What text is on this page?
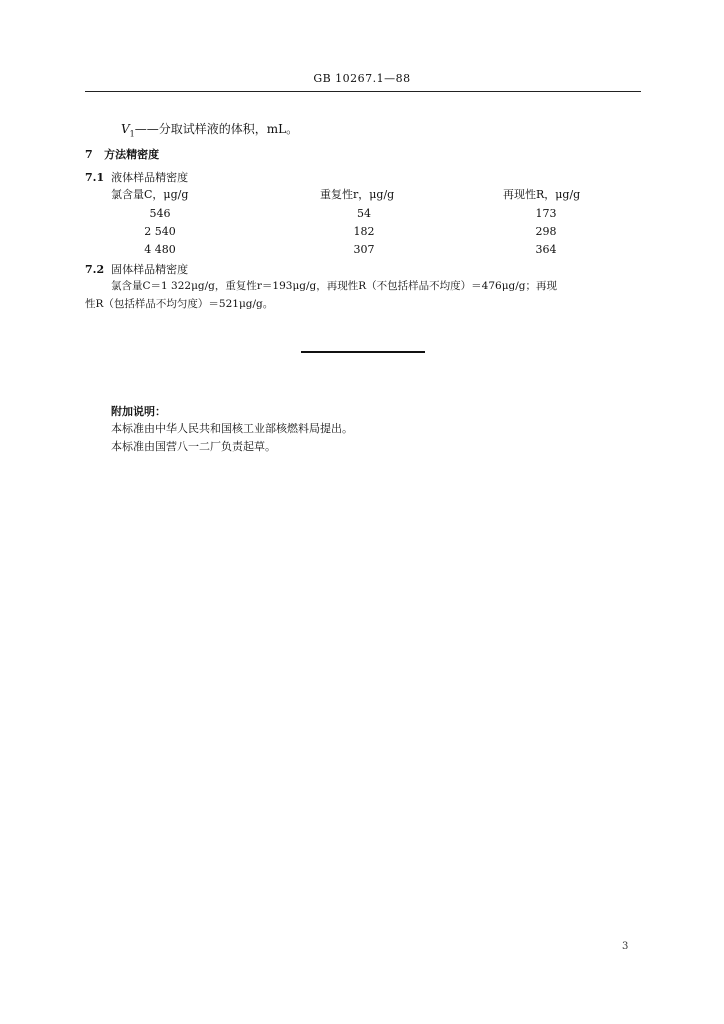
GB 10267.1—88
$V_1——$分取试样液的体积，mL。
7 方法精密度
7.1 液体样品精密度
氯含量C，μg/g	重复性r，μg/g	再现性R，μg/g
546	54	173
2 540	182	298
4 480	307	364
7.2 固体样品精密度
氯含量C＝1 322μg/g，重复性r＝193μg/g，再现性R（不包括样品不均度）＝476μg/g；再现
性R（包括样品不均匀度）＝521μg/g。
附加说明：
本标准由中华人民共和国核工业部核燃料局提出。
本标准由国营八一二厂负责起草。
3
